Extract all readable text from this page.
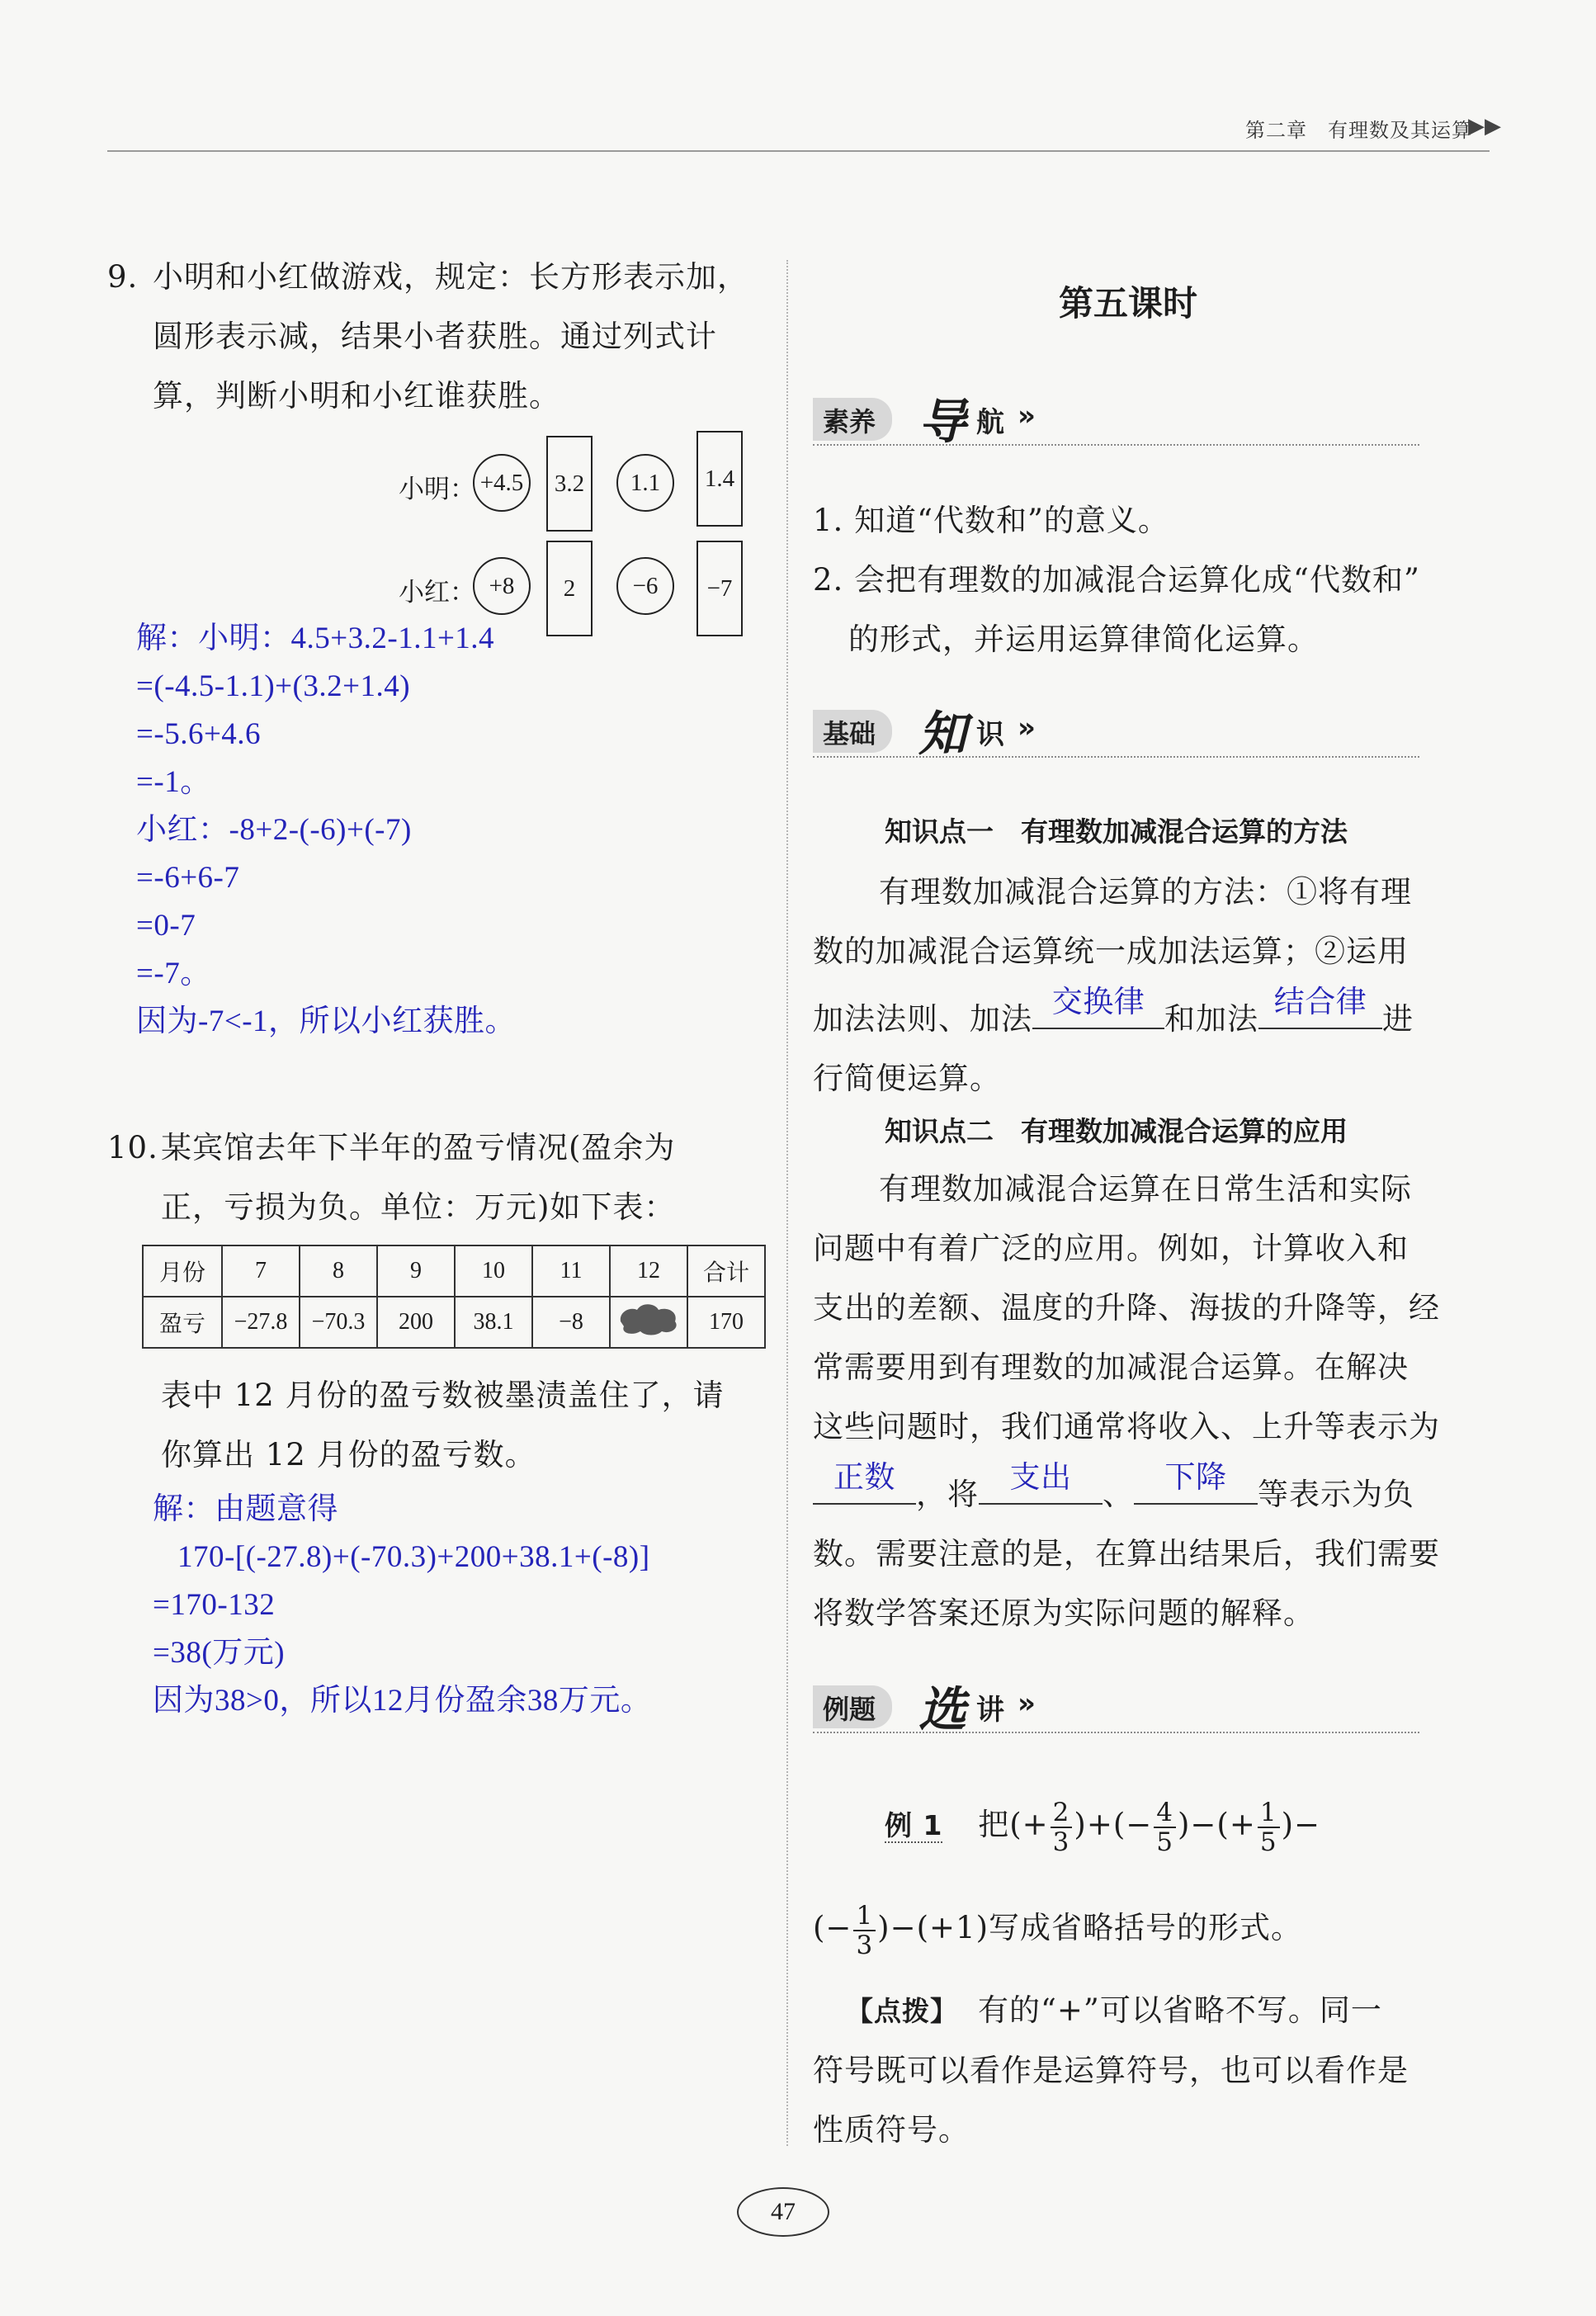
第二章　 有理数及其运算
▶▶
9. 小明和小红做游戏，规定：长方形表示加，
圆形表示减，结果小者获胜。通过列式计
算，判断小明和小红谁获胜。
小明： +4.5	3.2	1.1	1.4
小红： +8	2	−6	−7
解：小明：4.5+3.2-1.1+1.4
=(-4.5-1.1)+(3.2+1.4)
=-5.6+4.6
=-1。
小红：-8+2-(-6)+(-7)
=-6+6-7
=0-7
=-7。
因为-7<-1，所以小红获胜。
10. 某宾馆去年下半年的盈亏情况(盈余为
正，亏损为负。单位：万元)如下表：
月份	7	8	9	10	11	12	合计
盈亏	−27.8	−70.3	200	38.1	−8		170
表中 12 月份的盈亏数被墨渍盖住了，请
你算出 12 月份的盈亏数。
解：由题意得
170-[(-27.8)+(-70.3)+200+38.1+(-8)]
=170-132
=38(万元)
因为38>0，所以12月份盈余38万元。
第五课时
素养 导 航 »
1. 知道“代数和”的意义。
2. 会把有理数的加减混合运算化成“代数和”
的形式，并运用运算律简化运算。
基础 知 识 »
知识点一　有理数加减混合运算的方法
有理数加减混合运算的方法：①将有理
数的加减混合运算统一成加法运算；②运用
加法法则、加法 交换律 和加法 结合律 进
行简便运算。
知识点二　有理数加减混合运算的应用
有理数加减混合运算在日常生活和实际
问题中有着广泛的应用。例如，计算收入和
支出的差额、温度的升降、海拔的升降等，经
常需要用到有理数的加减混合运算。在解决
这些问题时，我们通常将收入、上升等表示为
正数 ，将	支出	、	下降	等表示为负
数。需要注意的是，在算出结果后，我们需要
将数学答案还原为实际问题的解释。
例题 选 讲 »
例 1 把(+ $\frac{2}{3}$ )+(− $\frac{4}{5}$ )−(+ $\frac{1}{5}$ )−
(− $\frac{1}{3} )-(+1)$写成省略括号的形式。
【点拨】 有的“+”可以省略不写。同一
符号既可以看作是运算符号，也可以看作是
性质符号。
47
